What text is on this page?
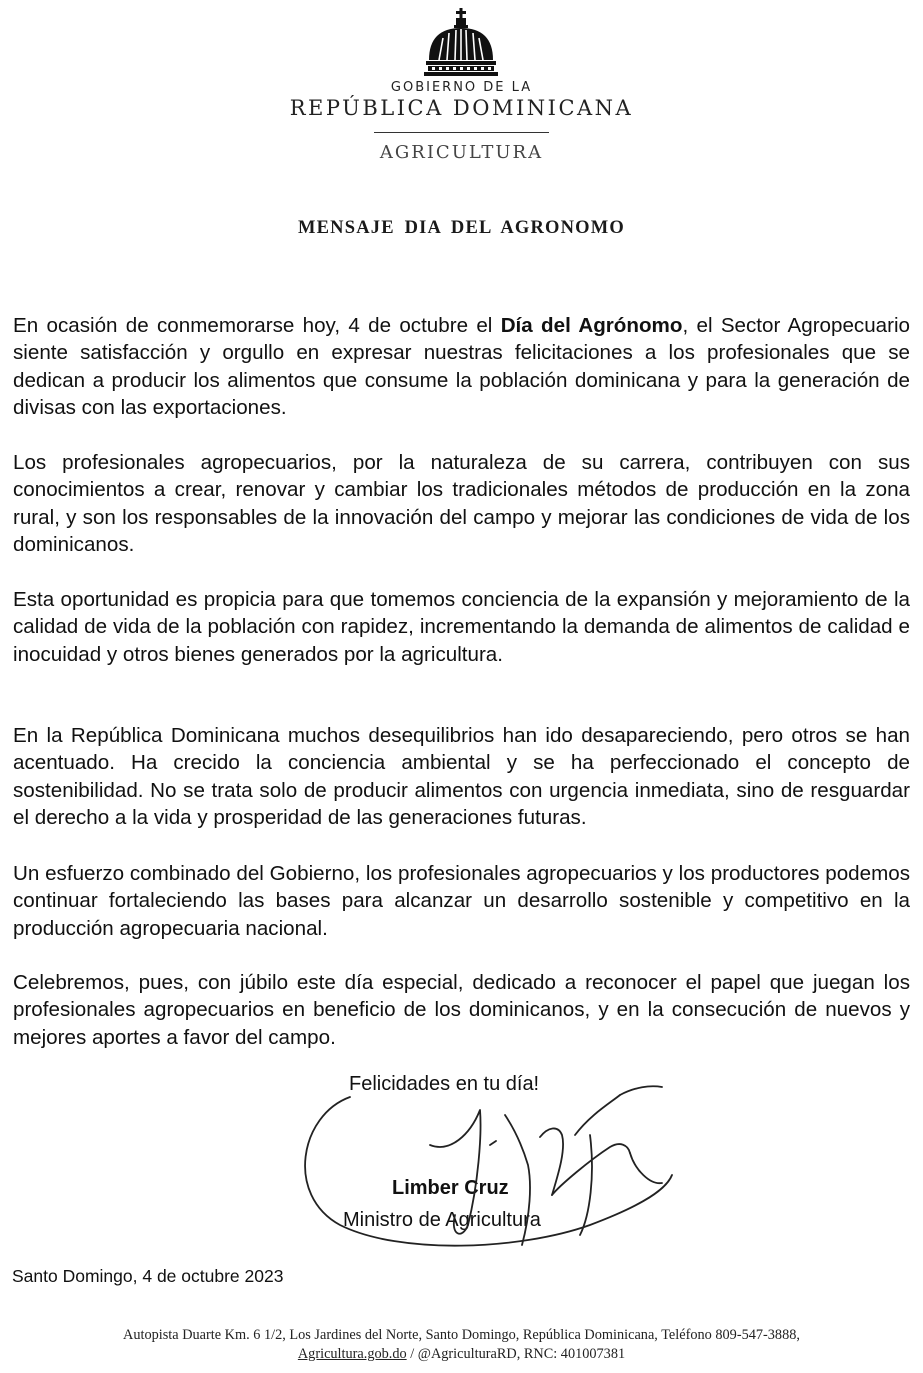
GOBIERNO DE LA
REPÚBLICA DOMINICANA
AGRICULTURA
MENSAJE DIA DEL AGRONOMO

En ocasión de conmemorarse hoy, 4 de octubre el Día del Agrónomo, el Sector Agropecuario siente satisfacción y orgullo en expresar nuestras felicitaciones a los profesionales que se dedican a producir los alimentos que consume la población dominicana y para la generación de divisas con las exportaciones.

Los profesionales agropecuarios, por la naturaleza de su carrera, contribuyen con sus conocimientos a crear, renovar y cambiar los tradicionales métodos de producción en la zona rural, y son los responsables de la innovación del campo y mejorar las condiciones de vida de los dominicanos.

Esta oportunidad es propicia para que tomemos conciencia de la expansión y mejoramiento de la calidad de vida de la población con rapidez, incrementando la demanda de alimentos de calidad e inocuidad y otros bienes generados por la agricultura.

En la República Dominicana muchos desequilibrios han ido desapareciendo, pero otros se han acentuado. Ha crecido la conciencia ambiental y se ha perfeccionado el concepto de sostenibilidad. No se trata solo de producir alimentos con urgencia inmediata, sino de resguardar el derecho a la vida y prosperidad de las generaciones futuras.

Un esfuerzo combinado del Gobierno, los profesionales agropecuarios y los productores podemos continuar fortaleciendo las bases para alcanzar un desarrollo sostenible y competitivo en la producción agropecuaria nacional.

Celebremos, pues, con júbilo este día especial, dedicado a reconocer el papel que juegan los profesionales agropecuarios en beneficio de los dominicanos, y en la consecución de nuevos y mejores aportes a favor del campo.

Felicidades en tu día!
Limber Cruz
Ministro de Agricultura
Santo Domingo, 4 de octubre 2023
Autopista Duarte Km. 6 1/2, Los Jardines del Norte, Santo Domingo, República Dominicana, Teléfono 809-547-3888,
Agricultura.gob.do / @AgriculturaRD, RNC: 401007381
